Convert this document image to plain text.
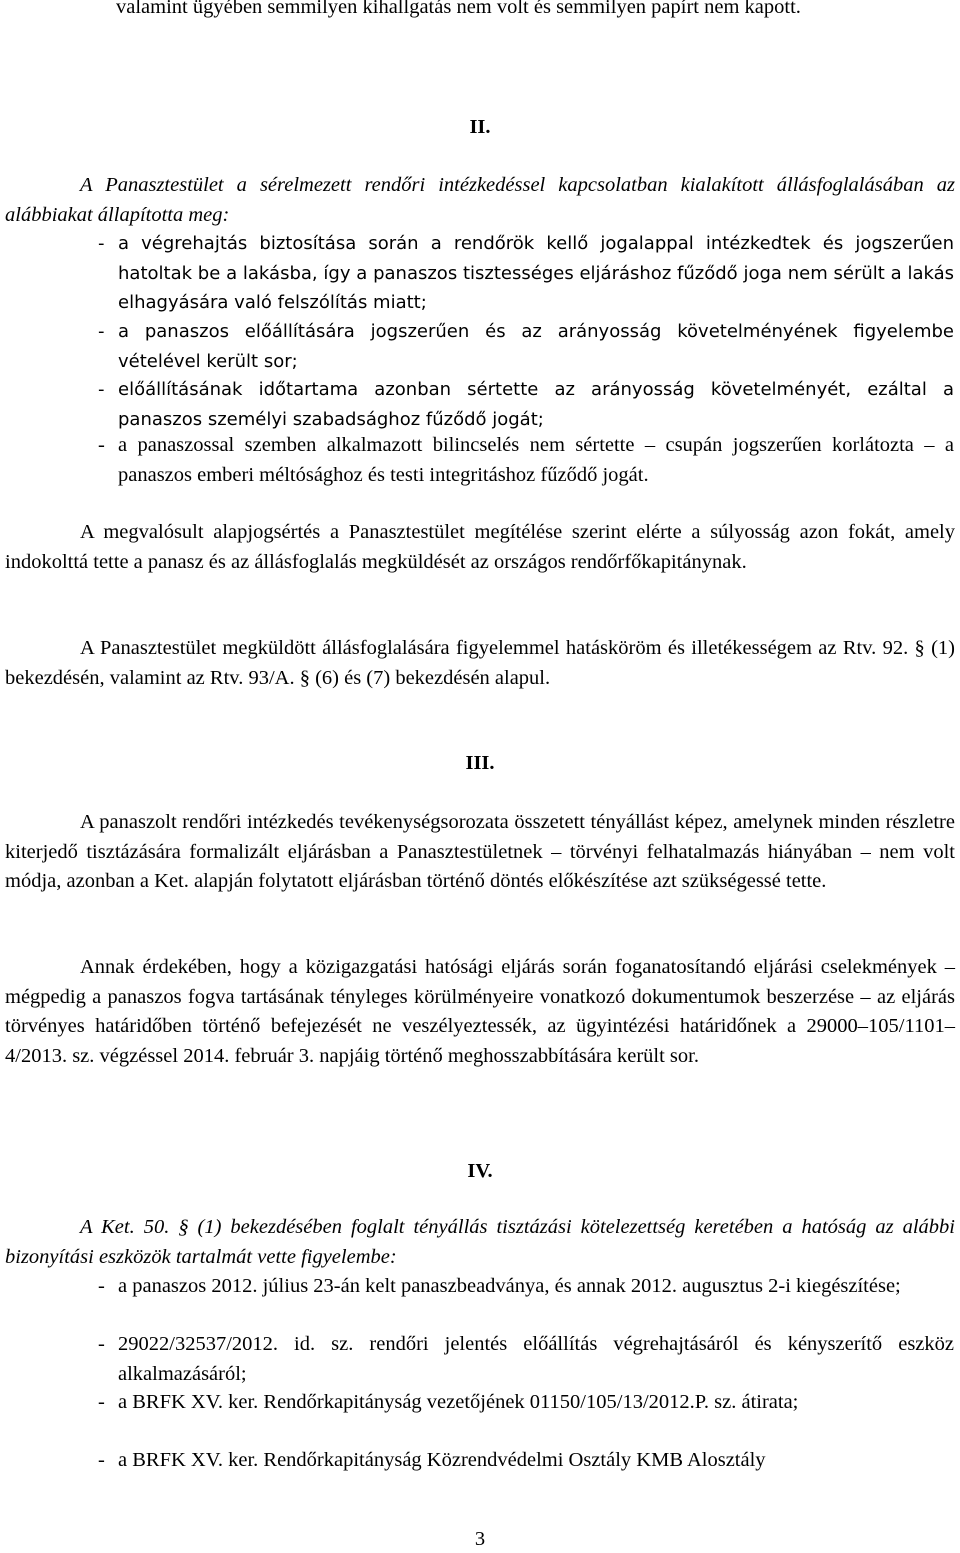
valamint ügyében semmilyen kihallgatás nem volt és semmilyen papírt nem kapott.

II.

A Panasztestület a sérelmezett rendőri intézkedéssel kapcsolatban kialakított állásfoglalásában az alábbiakat állapította meg:

- a végrehajtás biztosítása során a rendőrök kellő jogalappal intézkedtek és jogszerűen hatoltak be a lakásba, így a panaszos tisztességes eljáráshoz fűződő joga nem sérült a lakás elhagyására való felszólítás miatt;
- a panaszos előállítására jogszerűen és az arányosság követelményének figyelembe vételével került sor;
- előállításának időtartama azonban sértette az arányosság követelményét, ezáltal a panaszos személyi szabadsághoz fűződő jogát;
- a panaszossal szemben alkalmazott bilincselés nem sértette – csupán jogszerűen korlátozta – a panaszos emberi méltósághoz és testi integritáshoz fűződő jogát.

A megvalósult alapjogsértés a Panasztestület megítélése szerint elérte a súlyosság azon fokát, amely indokolttá tette a panasz és az állásfoglalás megküldését az országos rendőrfőkapitánynak.

A Panasztestület megküldött állásfoglalására figyelemmel hatásköröm és illetékességem az Rtv. 92. § (1) bekezdésén, valamint az Rtv. 93/A. § (6) és (7) bekezdésén alapul.

III.

A panaszolt rendőri intézkedés tevékenységsorozata összetett tényállást képez, amelynek minden részletre kiterjedő tisztázására formalizált eljárásban a Panasztestületnek – törvényi felhatalmazás hiányában – nem volt módja, azonban a Ket. alapján folytatott eljárásban történő döntés előkészítése azt szükségessé tette.

Annak érdekében, hogy a közigazgatási hatósági eljárás során foganatosítandó eljárási cselekmények – mégpedig a panaszos fogva tartásának tényleges körülményeire vonatkozó dokumentumok beszerzése – az eljárás törvényes határidőben történő befejezését ne veszélyeztessék, az ügyintézési határidőnek a 29000–105/1101–4/2013. sz. végzéssel 2014. február 3. napjáig történő meghosszabbítására került sor.

IV.

A Ket. 50. § (1) bekezdésében foglalt tényállás tisztázási kötelezettség keretében a hatóság az alábbi bizonyítási eszközök tartalmát vette figyelembe:

- a panaszos 2012. július 23-án kelt panaszbeadványa, és annak 2012. augusztus 2-i kiegészítése;
- 29022/32537/2012. id. sz. rendőri jelentés előállítás végrehajtásáról és kényszerítő eszköz alkalmazásáról;
- a BRFK XV. ker. Rendőrkapitányság vezetőjének 01150/105/13/2012.P. sz. átirata;
- a BRFK XV. ker. Rendőrkapitányság Közrendvédelmi Osztály KMB Alosztály
3
